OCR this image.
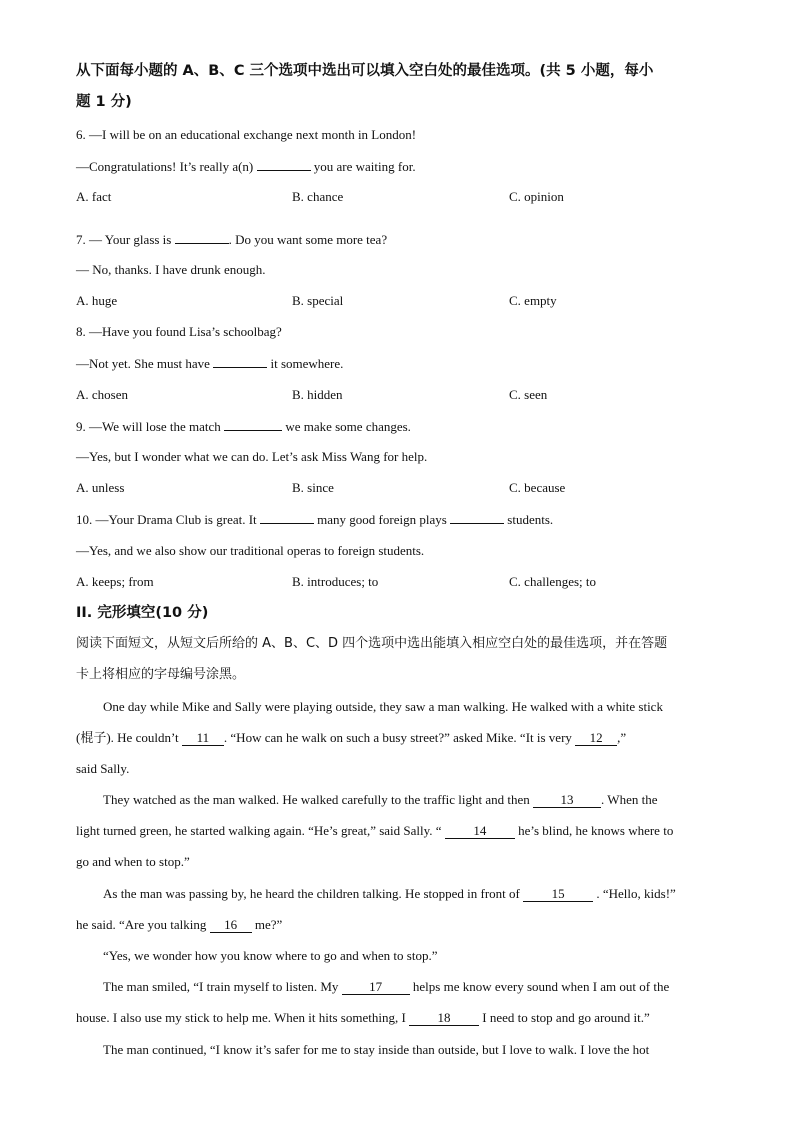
从下面每小题的 A、B、C 三个选项中选出可以填入空白处的最佳选项。(共 5 小题，每小
题 1 分)
6. —I will be on an educational exchange next month in London!
—Congratulations! It’s really a(n)	you are waiting for.
A. fact	B. chance	C. opinion
7. — Your glass is	. Do you want some more tea?
— No, thanks. I have drunk enough.
A. huge	B. special	C. empty
8. —Have you found Lisa’s schoolbag?
—Not yet. She must have	it somewhere.
A. chosen	B. hidden	C. seen
9. —We will lose the match	we make some changes.
—Yes, but I wonder what we can do. Let’s ask Miss Wang for help.
A. unless	B. since	C. because
10. —Your Drama Club is great. It	many good foreign plays	students.
—Yes, and we also show our traditional operas to foreign students.
A. keeps; from	B. introduces; to	C. challenges; to
II. 完形填空(10 分)
阅读下面短文，从短文后所给的 A、B、C、D 四个选项中选出能填入相应空白处的最佳选项，并在答题
卡上将相应的字母编号涂黑。
One day while Mike and Sally were playing outside, they saw a man walking. He walked with a white stick
(棍子). He couldn’t 11 . “How can he walk on such a busy street?” asked Mike. “It is very 12 ,”
said Sally.
They watched as the man walked. He walked carefully to the traffic light and then 13 . When the
light turned green, he started walking again. “He’s great,” said Sally. “ 14 he’s blind, he knows where to
go and when to stop.”
As the man was passing by, he heard the children talking. He stopped in front of 15 . “Hello, kids!”
he said. “Are you talking 16 me?”
“Yes, we wonder how you know where to go and when to stop.”
The man smiled, “I train myself to listen. My 17 helps me know every sound when I am out of the
house. I also use my stick to help me. When it hits something, I 18 I need to stop and go around it.”
The man continued, “I know it’s safer for me to stay inside than outside, but I love to walk. I love the hot
